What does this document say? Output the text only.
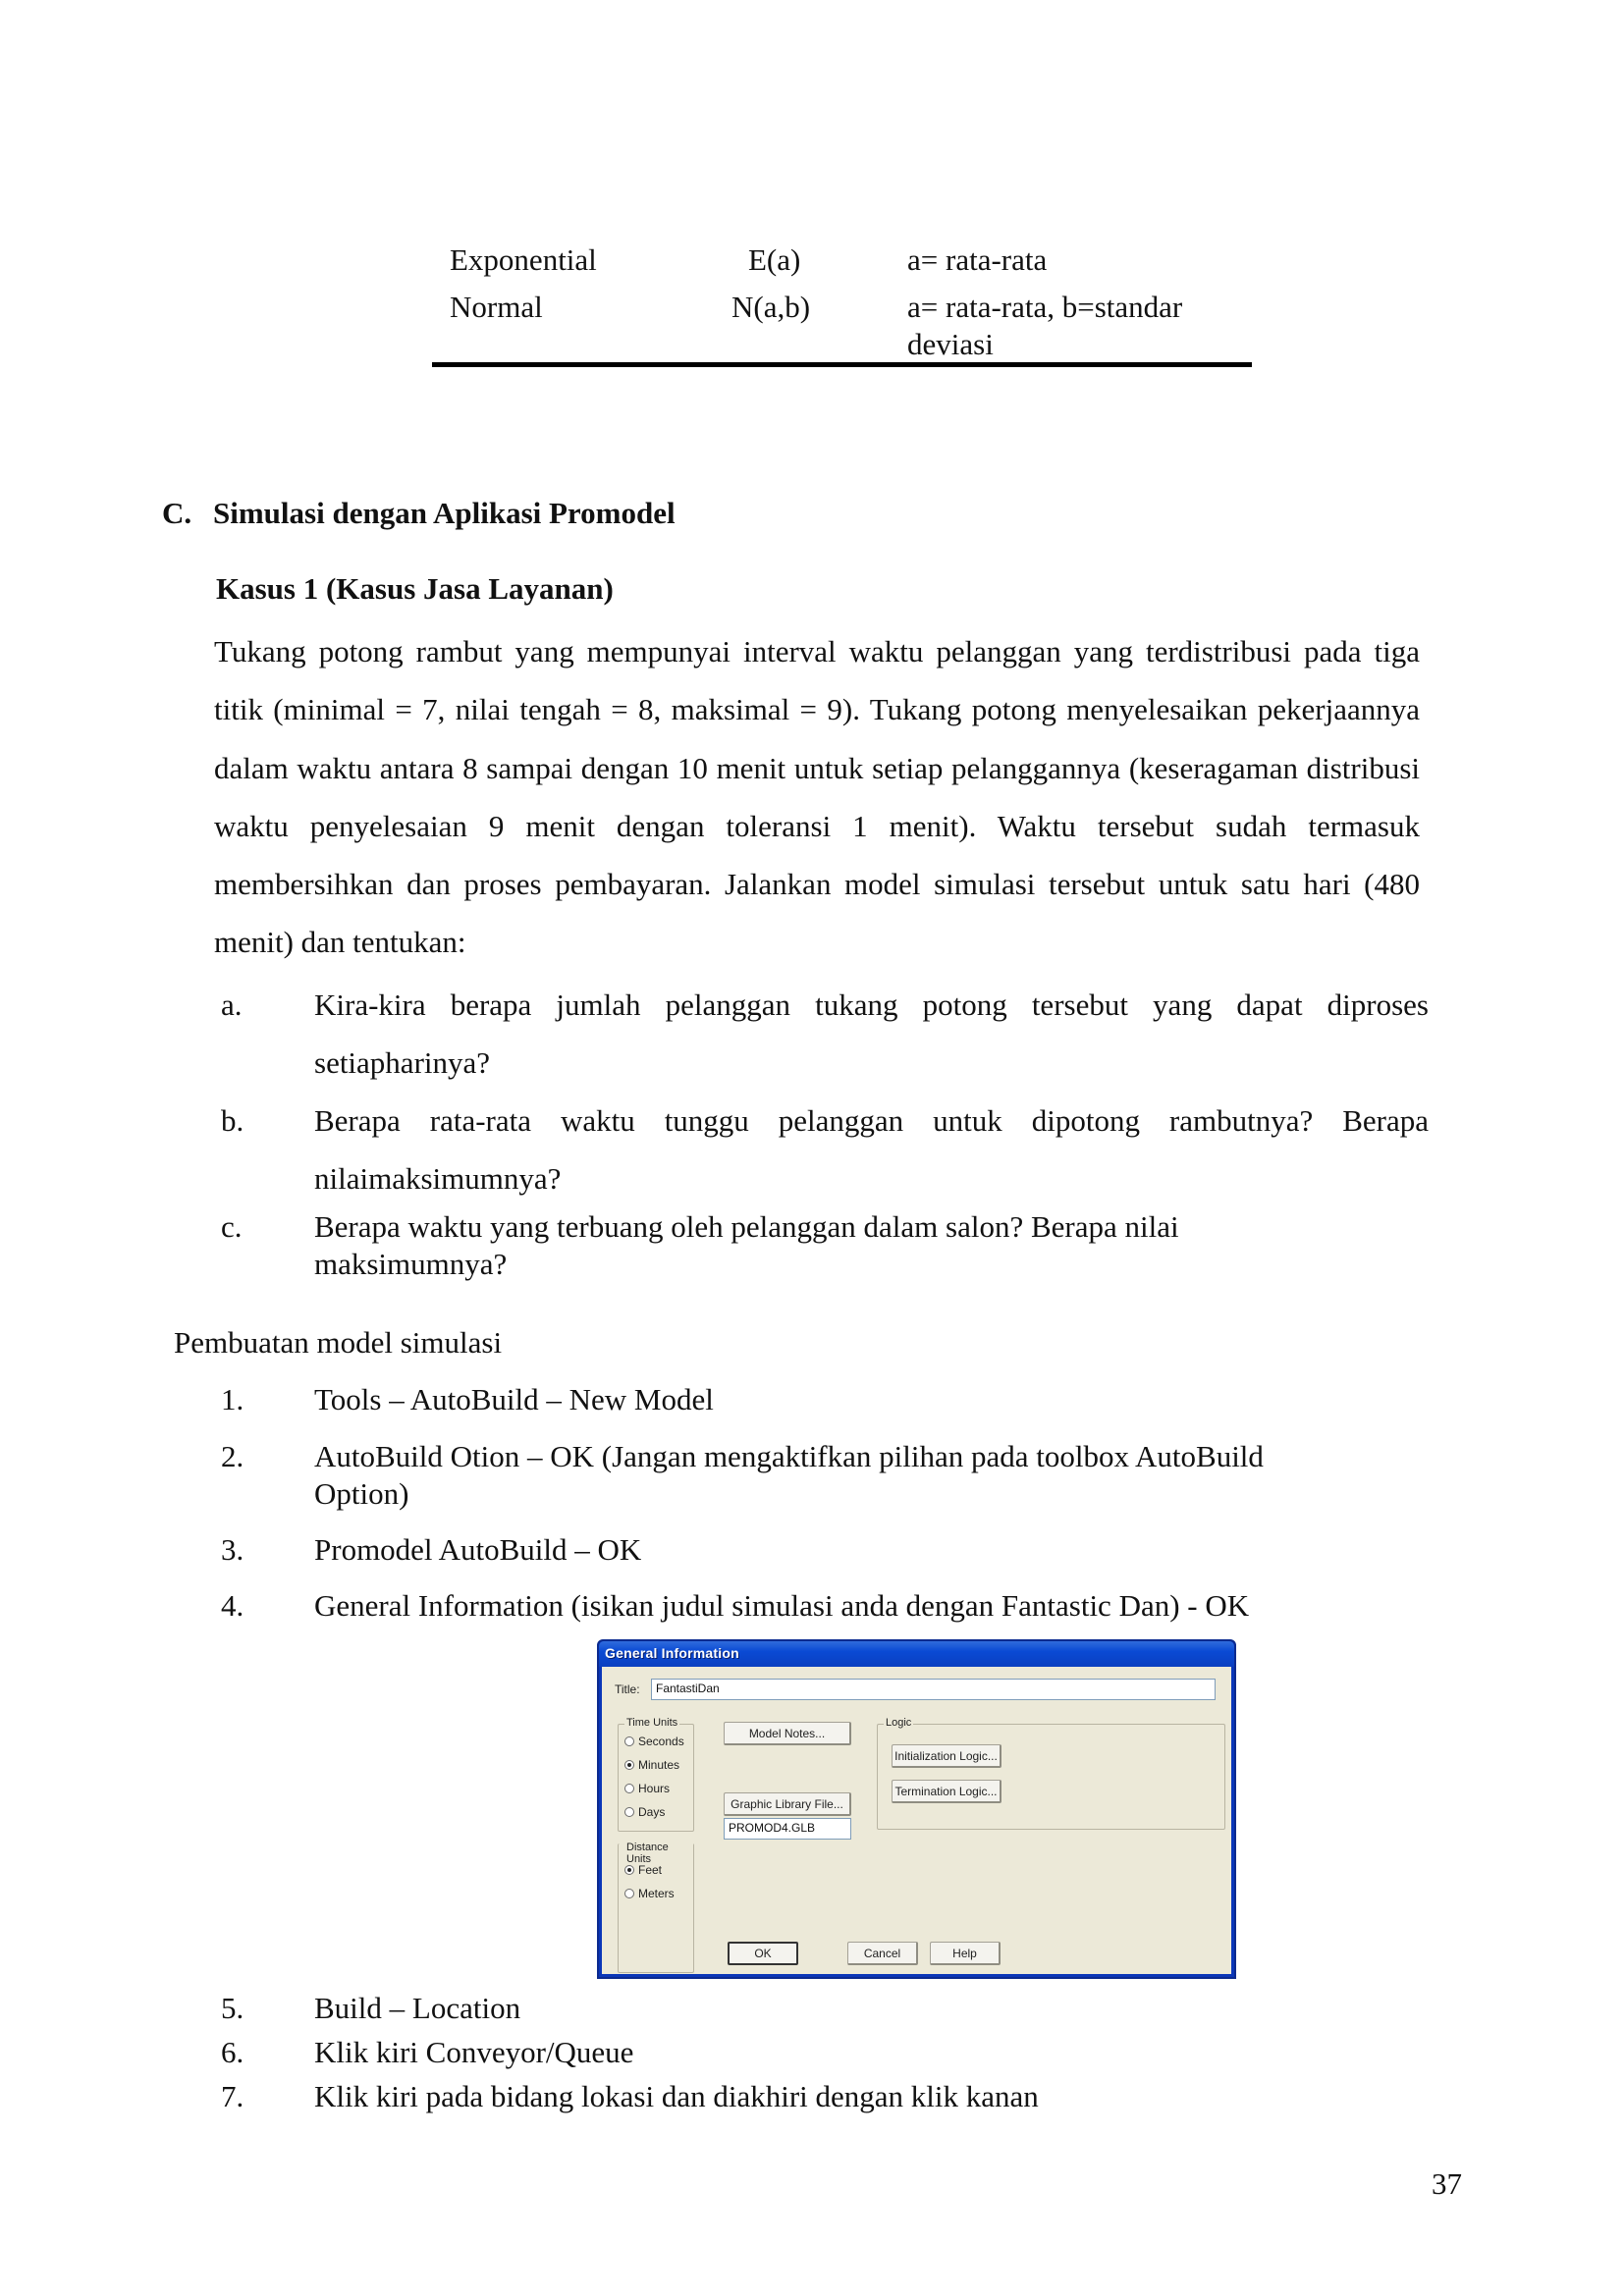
Exponential	E(a)	a= rata-rata
Normal	N(a,b)	a= rata-rata, b=standar
deviasi
C. Simulasi dengan Aplikasi Promodel
Kasus 1 (Kasus Jasa Layanan)
Tukang potong rambut yang mempunyai interval waktu pelanggan yang terdistribusi pada tiga titik (minimal = 7, nilai tengah = 8, maksimal = 9). Tukang potong menyelesaikan pekerjaannya dalam waktu antara 8 sampai dengan 10 menit untuk setiap pelanggannya (keseragaman distribusi waktu penyelesaian 9 menit dengan toleransi 1 menit). Waktu tersebut sudah termasuk membersihkan dan proses pembayaran. Jalankan model simulasi tersebut untuk satu hari (480 menit) dan tentukan:
a. Kira-kira berapa jumlah pelanggan tukang potong tersebut yang dapat diproses setiapharinya?
b. Berapa rata-rata waktu tunggu pelanggan untuk dipotong rambutnya? Berapa nilaimaksimumnya?
c. Berapa waktu yang terbuang oleh pelanggan dalam salon? Berapa nilai
maksimumnya?
Pembuatan model simulasi
1. Tools – AutoBuild – New Model
2. AutoBuild Otion – OK (Jangan mengaktifkan pilihan pada toolbox AutoBuild
Option)
3. Promodel AutoBuild – OK
4. General Information (isikan judul simulasi anda dengan Fantastic Dan) - OK
General Information
Title:	FantastiDan
Time Units
Seconds
Minutes
Hours
Days
Distance Units
Feet
Meters
Model Notes...
Graphic Library File...
PROMOD4.GLB
Logic
Initialization Logic...
Termination Logic...
OK	Cancel	Help
5. Build – Location
6. Klik kiri Conveyor/Queue
7. Klik kiri pada bidang lokasi dan diakhiri dengan klik kanan
37
